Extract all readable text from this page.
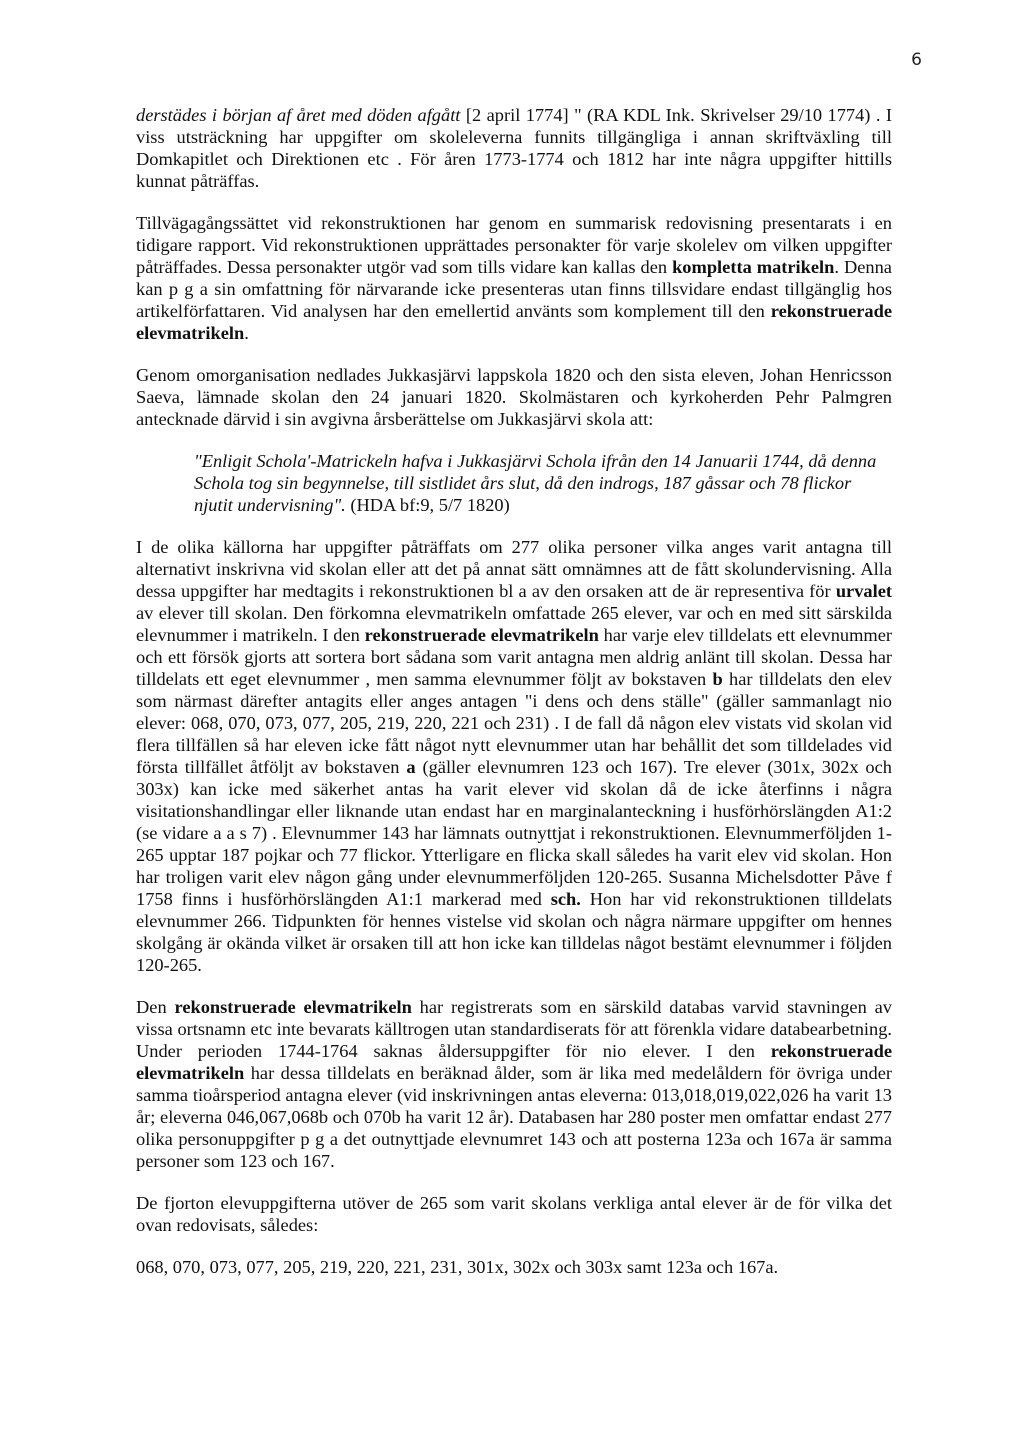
6

derstädes i början af året med döden afgått [2 april 1774] " (RA KDL Ink. Skrivelser 29/10 1774) . I viss utsträckning har uppgifter om skoleleverna funnits tillgängliga i annan skriftväxling till Domkapitlet och Direktionen etc . För åren 1773-1774 och 1812 har inte några uppgifter hittills kunnat påträffas.

Tillvägagångssättet vid rekonstruktionen har genom en summarisk redovisning presentarats i en tidigare rapport. Vid rekonstruktionen upprättades personakter för varje skolelev om vilken uppgifter påträffades. Dessa personakter utgör vad som tills vidare kan kallas den kompletta matrikeln. Denna kan p g a sin omfattning för närvarande icke presenteras utan finns tillsvidare endast tillgänglig hos artikelförfattaren. Vid analysen har den emellertid använts som komplement till den rekonstruerade elevmatrikeln.

Genom omorganisation nedlades Jukkasjärvi lappskola 1820 och den sista eleven, Johan Henricsson Saeva, lämnade skolan den 24 januari 1820. Skolmästaren och kyrkoherden Pehr Palmgren antecknade därvid i sin avgivna årsberättelse om Jukkasjärvi skola att:

"Enligit Schola'-Matrickeln hafva i Jukkasjärvi Schola ifrån den 14 Januarii 1744, då denna Schola tog sin begynnelse, till sistlidet års slut, då den indrogs, 187 gåssar och 78 flickor njutit undervisning". (HDA bf:9, 5/7 1820)

I de olika källorna har uppgifter påträffats om 277 olika personer vilka anges varit antagna till alternativt inskrivna vid skolan eller att det på annat sätt omnämnes att de fått skolundervisning. Alla dessa uppgifter har medtagits i rekonstruktionen bl a av den orsaken att de är representiva för urvalet av elever till skolan. Den förkomna elevmatrikeln omfattade 265 elever, var och en med sitt särskilda elevnummer i matrikeln. I den rekonstruerade elevmatrikeln har varje elev tilldelats ett elevnummer och ett försök gjorts att sortera bort sådana som varit antagna men aldrig anlänt till skolan. Dessa har tilldelats ett eget elevnummer , men samma elevnummer följt av bokstaven b har tilldelats den elev som närmast därefter antagits eller anges antagen "i dens och dens ställe" (gäller sammanlagt nio elever: 068, 070, 073, 077, 205, 219, 220, 221 och 231) . I de fall då någon elev vistats vid skolan vid flera tillfällen så har eleven icke fått något nytt elevnummer utan har behållit det som tilldelades vid första tillfället åtföljt av bokstaven a (gäller elevnumren 123 och 167). Tre elever (301x, 302x och 303x) kan icke med säkerhet antas ha varit elever vid skolan då de icke återfinns i några visitationshandlingar eller liknande utan endast har en marginalanteckning i husförhörslängden A1:2 (se vidare a a s 7) . Elevnummer 143 har lämnats outnyttjat i rekonstruktionen. Elevnummerföljden 1-265 upptar 187 pojkar och 77 flickor. Ytterligare en flicka skall således ha varit elev vid skolan. Hon har troligen varit elev någon gång under elevnummerföljden 120-265. Susanna Michelsdotter Påve f 1758 finns i husförhörslängden A1:1 markerad med sch. Hon har vid rekonstruktionen tilldelats elevnummer 266. Tidpunkten för hennes vistelse vid skolan och några närmare uppgifter om hennes skolgång är okända vilket är orsaken till att hon icke kan tilldelas något bestämt elevnummer i följden 120-265.

Den rekonstruerade elevmatrikeln har registrerats som en särskild databas varvid stavningen av vissa ortsnamn etc inte bevarats källtrogen utan standardiserats för att förenkla vidare databearbetning. Under perioden 1744-1764 saknas åldersuppgifter för nio elever. I den rekonstruerade elevmatrikeln har dessa tilldelats en beräknad ålder, som är lika med medelåldern för övriga under samma tioårsperiod antagna elever (vid inskrivningen antas eleverna: 013,018,019,022,026 ha varit 13 år; eleverna 046,067,068b och 070b ha varit 12 år). Databasen har 280 poster men omfattar endast 277 olika personuppgifter p g a det outnyttjade elevnumret 143 och att posterna 123a och 167a är samma personer som 123 och 167.

De fjorton elevuppgifterna utöver de 265 som varit skolans verkliga antal elever är de för vilka det ovan redovisats, således:

068, 070, 073, 077, 205, 219, 220, 221, 231, 301x, 302x och 303x samt 123a och 167a.
